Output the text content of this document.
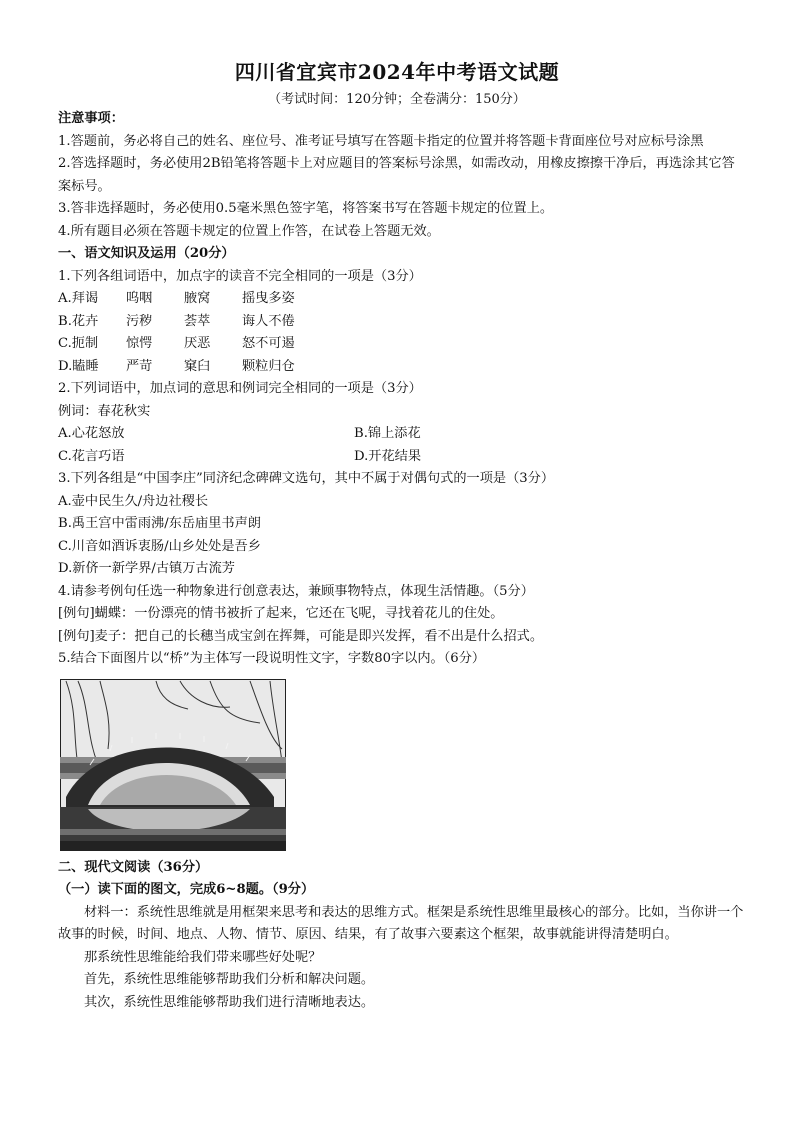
四川省宜宾市2024年中考语文试题
（考试时间：120分钟；全卷满分：150分）

注意事项：

1.答题前，务必将自己的姓名、座位号、准考证号填写在答题卡指定的位置并将答题卡背面座位号对应标号涂黑

2.答选择题时，务必使用2B铅笔将答题卡上对应题目的答案标号涂黑，如需改动，用橡皮擦擦干净后，再选涂其它答案标号。

3.答非选择题时，务必使用0.5毫米黑色签字笔，将答案书写在答题卡规定的位置上。

4.所有题目必须在答题卡规定的位置上作答，在试卷上答题无效。

一、语文知识及运用（20分）

1.下列各组词语中，加点字的读音不完全相同的一项是（3分）

A.拜谒	呜咽	腋窝	摇曳多姿
B.花卉	污秽	荟萃	诲人不倦
C.扼制	惊愕	厌恶	怒不可遏
D.瞌睡	严苛	窠臼	颗粒归仓

2.下列词语中，加点词的意思和例词完全相同的一项是（3分）

例词：春花秋实

A.心花怒放	B.锦上添花
C.花言巧语	D.开花结果

3.下列各组是“中国李庄”同济纪念碑碑文选句，其中不属于对偶句式的一项是（3分）

A.壶中民生久/舟边社稷长

B.禹王宫中雷雨沸/东岳庙里书声朗

C.川音如酒诉衷肠/山乡处处是吾乡

D.新侪一新学界/古镇万古流芳

4.请参考例句任选一种物象进行创意表达，兼顾事物特点，体现生活情趣。（5分）

[例句]蝴蝶：一份漂亮的情书被折了起来，它还在飞呢，寻找着花儿的住处。

[例句]麦子：把自己的长穗当成宝剑在挥舞，可能是即兴发挥，看不出是什么招式。

5.结合下面图片以“桥”为主体写一段说明性文字，字数80字以内。（6分）

二、现代文阅读（36分）

（一）读下面的图文，完成6~8题。（9分）

材料一：系统性思维就是用框架来思考和表达的思维方式。框架是系统性思维里最核心的部分。比如，当你讲一个故事的时候，时间、地点、人物、情节、原因、结果，有了故事六要素这个框架，故事就能讲得清楚明白。

那系统性思维能给我们带来哪些好处呢？

首先，系统性思维能够帮助我们分析和解决问题。

其次，系统性思维能够帮助我们进行清晰地表达。
